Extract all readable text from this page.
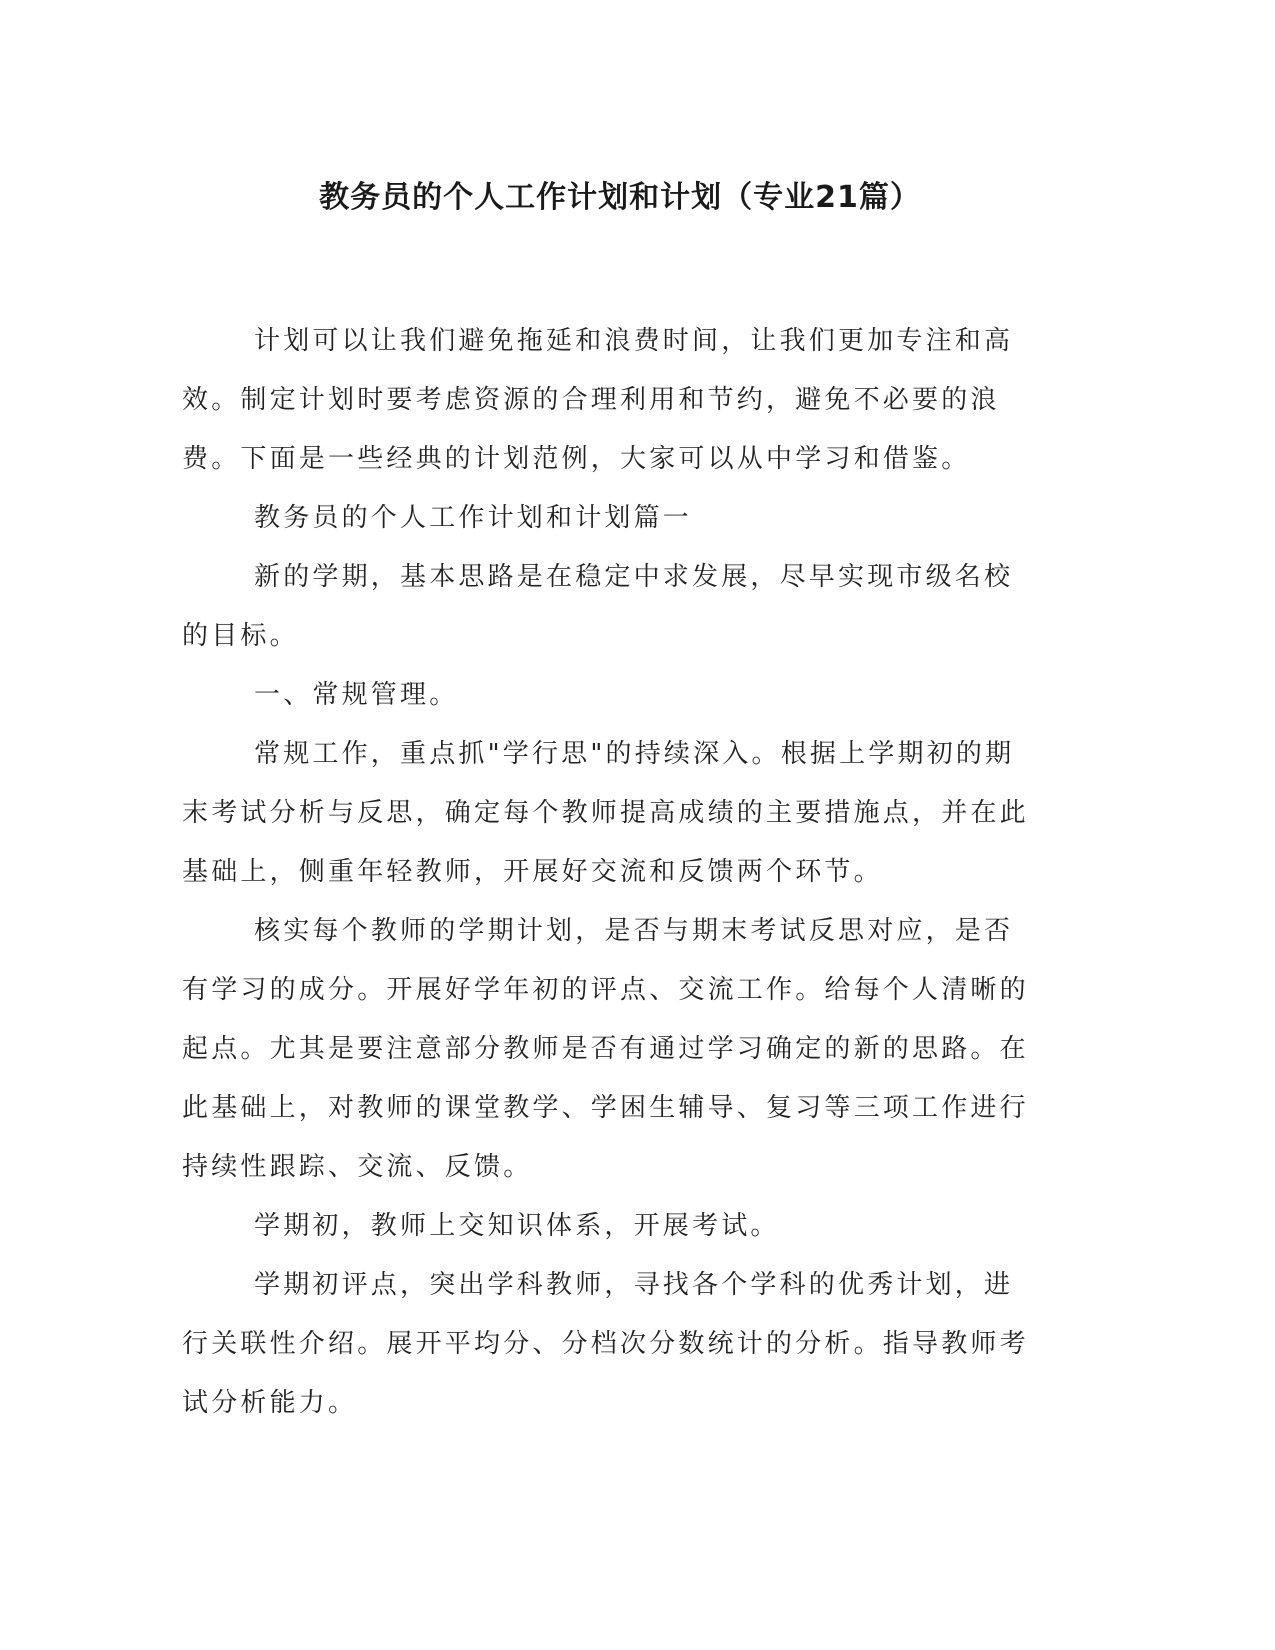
教务员的个人工作计划和计划（专业21篇）

计划可以让我们避免拖延和浪费时间，让我们更加专注和高效。制定计划时要考虑资源的合理利用和节约，避免不必要的浪费。下面是一些经典的计划范例，大家可以从中学习和借鉴。

教务员的个人工作计划和计划篇一

新的学期，基本思路是在稳定中求发展，尽早实现市级名校的目标。

一、常规管理。

常规工作，重点抓"学行思"的持续深入。根据上学期初的期末考试分析与反思，确定每个教师提高成绩的主要措施点，并在此基础上，侧重年轻教师，开展好交流和反馈两个环节。

核实每个教师的学期计划，是否与期末考试反思对应，是否有学习的成分。开展好学年初的评点、交流工作。给每个人清晰的起点。尤其是要注意部分教师是否有通过学习确定的新的思路。在此基础上，对教师的课堂教学、学困生辅导、复习等三项工作进行持续性跟踪、交流、反馈。

学期初，教师上交知识体系，开展考试。

学期初评点，突出学科教师，寻找各个学科的优秀计划，进行关联性介绍。展开平均分、分档次分数统计的分析。指导教师考试分析能力。
